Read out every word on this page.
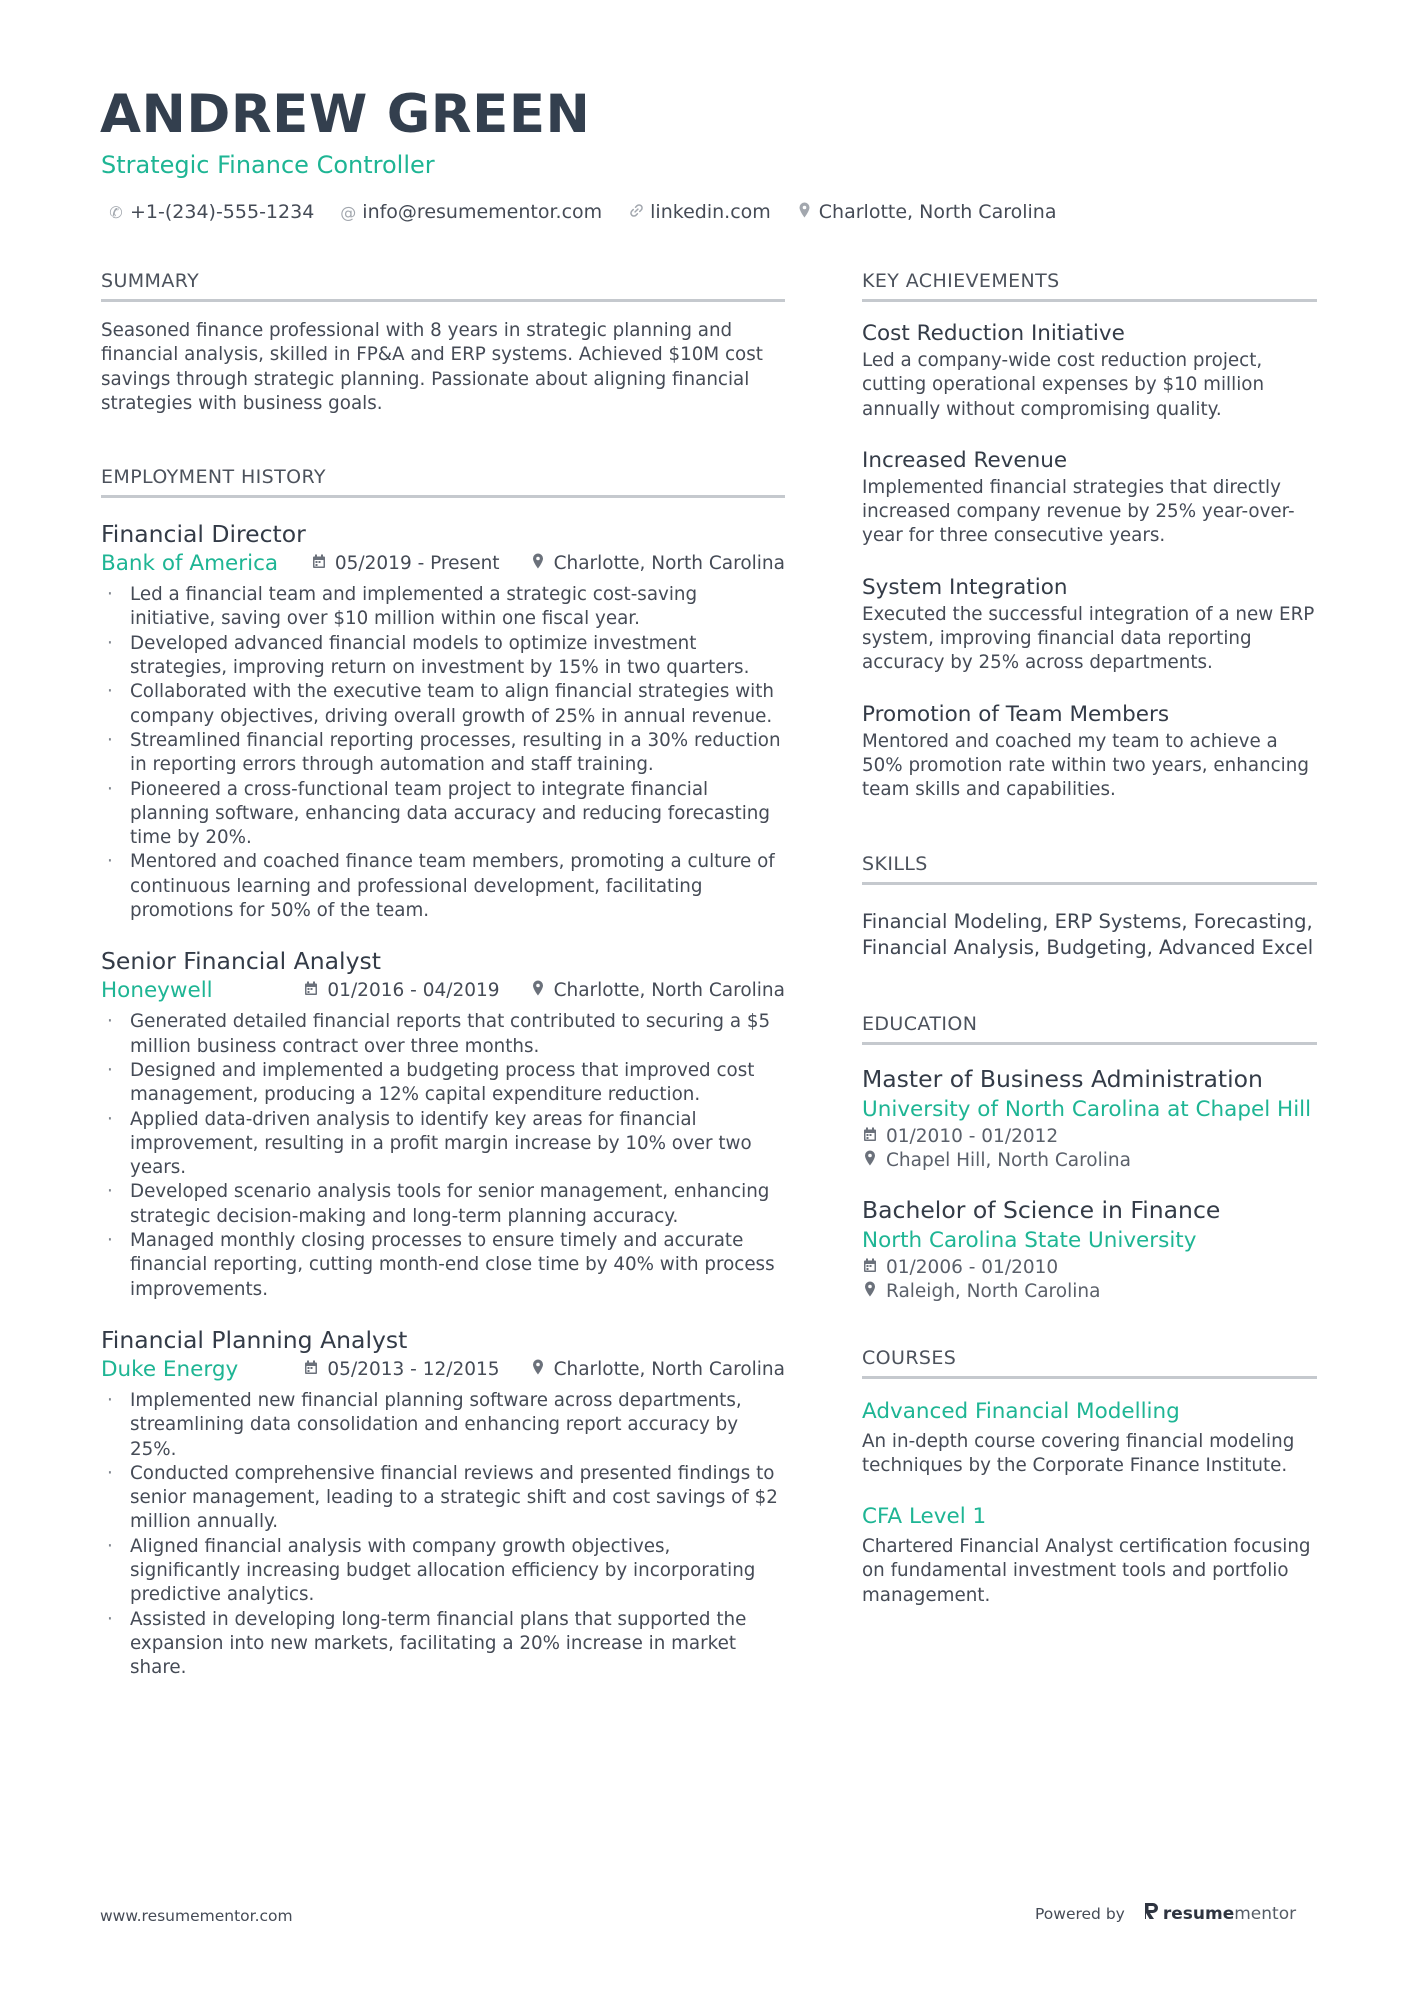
ANDREW GREEN
Strategic Finance Controller
✆ +1-(234)-555-1234 @ info@resumementor.com	linkedin.com	Charlotte, North Carolina
SUMMARY
Seasoned finance professional with 8 years in strategic planning and financial analysis, skilled in FP&A and ERP systems. Achieved $10M cost savings through strategic planning. Passionate about aligning financial strategies with business goals.
EMPLOYMENT HISTORY
Financial Director
Bank of America	05/2019 - Present	Charlotte, North Carolina
· Led a financial team and implemented a strategic cost-saving initiative, saving over $10 million within one fiscal year.
· Developed advanced financial models to optimize investment strategies, improving return on investment by 15% in two quarters.
· Collaborated with the executive team to align financial strategies with company objectives, driving overall growth of 25% in annual revenue.
· Streamlined financial reporting processes, resulting in a 30% reduction in reporting errors through automation and staff training.
· Pioneered a cross-functional team project to integrate financial planning software, enhancing data accuracy and reducing forecasting time by 20%.
· Mentored and coached finance team members, promoting a culture of continuous learning and professional development, facilitating promotions for 50% of the team.
Senior Financial Analyst
Honeywell	01/2016 - 04/2019	Charlotte, North Carolina
· Generated detailed financial reports that contributed to securing a $5 million business contract over three months.
· Designed and implemented a budgeting process that improved cost management, producing a 12% capital expenditure reduction.
· Applied data-driven analysis to identify key areas for financial improvement, resulting in a profit margin increase by 10% over two years.
· Developed scenario analysis tools for senior management, enhancing strategic decision-making and long-term planning accuracy.
· Managed monthly closing processes to ensure timely and accurate financial reporting, cutting month-end close time by 40% with process improvements.
Financial Planning Analyst
Duke Energy	05/2013 - 12/2015	Charlotte, North Carolina
· Implemented new financial planning software across departments, streamlining data consolidation and enhancing report accuracy by 25%.
· Conducted comprehensive financial reviews and presented findings to senior management, leading to a strategic shift and cost savings of $2 million annually.
· Aligned financial analysis with company growth objectives, significantly increasing budget allocation efficiency by incorporating predictive analytics.
· Assisted in developing long-term financial plans that supported the expansion into new markets, facilitating a 20% increase in market share.
KEY ACHIEVEMENTS
Cost Reduction Initiative
Led a company-wide cost reduction project, cutting operational expenses by $10 million annually without compromising quality.
Increased Revenue
Implemented financial strategies that directly increased company revenue by 25% year-over-year for three consecutive years.
System Integration
Executed the successful integration of a new ERP system, improving financial data reporting accuracy by 25% across departments.
Promotion of Team Members
Mentored and coached my team to achieve a 50% promotion rate within two years, enhancing team skills and capabilities.
SKILLS
Financial Modeling, ERP Systems, Forecasting, Financial Analysis, Budgeting, Advanced Excel
EDUCATION
Master of Business Administration
University of North Carolina at Chapel Hill
01/2010 - 01/2012
Chapel Hill, North Carolina
Bachelor of Science in Finance
North Carolina State University
01/2006 - 01/2010
Raleigh, North Carolina
COURSES
Advanced Financial Modelling
An in-depth course covering financial modeling techniques by the Corporate Finance Institute.
CFA Level 1
Chartered Financial Analyst certification focusing on fundamental investment tools and portfolio management.
www.resumementor.com	Powered by resumementor
